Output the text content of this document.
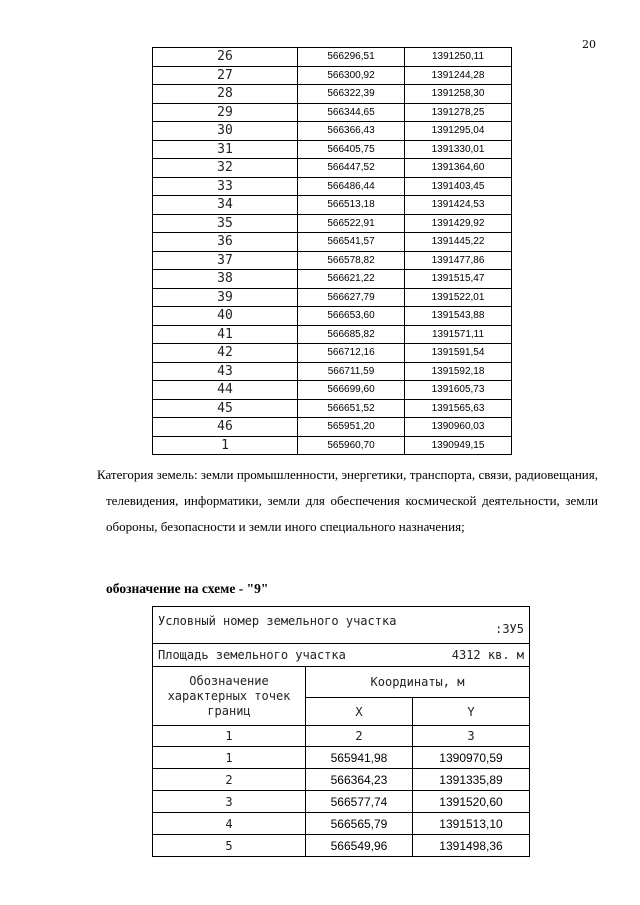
20
26	566296,51	1391250,11
27	566300,92	1391244,28
28	566322,39	1391258,30
29	566344,65	1391278,25
30	566366,43	1391295,04
31	566405,75	1391330,01
32	566447,52	1391364,60
33	566486,44	1391403,45
34	566513,18	1391424,53
35	566522,91	1391429,92
36	566541,57	1391445,22
37	566578,82	1391477,86
38	566621,22	1391515,47
39	566627,79	1391522,01
40	566653,60	1391543,88
41	566685,82	1391571,11
42	566712,16	1391591,54
43	566711,59	1391592,18
44	566699,60	1391605,73
45	566651,52	1391565,63
46	565951,20	1390960,03
1	565960,70	1390949,15

Категория земель: земли промышленности, энергетики, транспорта, связи, радиовещания, телевидения, информатики, земли для обеспечения космической деятельности, земли обороны, безопасности и земли иного специального назначения;

обозначение на схеме - "9"

Условный номер земельного участка
:ЗУ5		

Площадь земельного участка 4312 кв. м		

Обозначение характерных точек границ	Координаты, м	
	X	Y
1	2	3
1	565941,98	1390970,59
2	566364,23	1391335,89
3	566577,74	1391520,60
4	566565,79	1391513,10
5	566549,96	1391498,36
